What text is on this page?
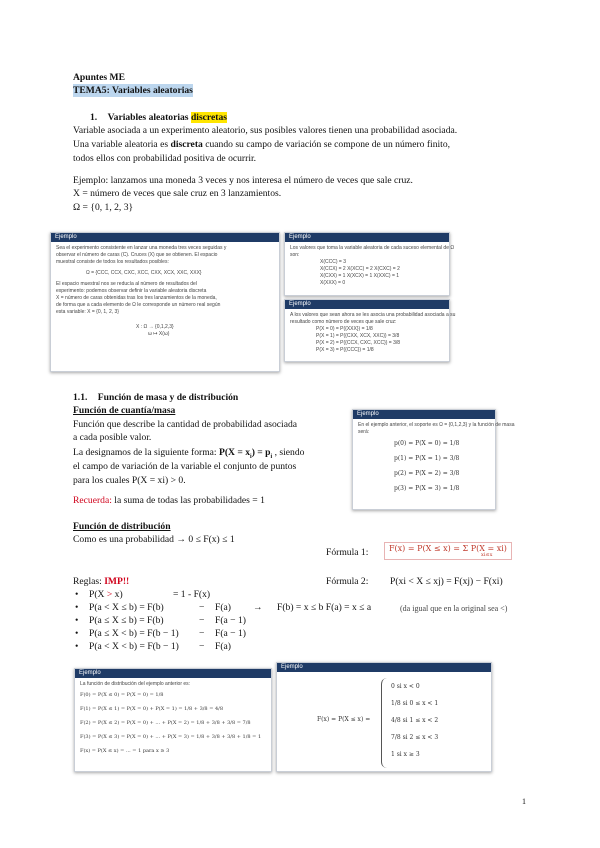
Apuntes ME
TEMA5: Variables aleatorias
1. Variables aleatorias discretas
Variable asociada a un experimento aleatorio, sus posibles valores tienen una probabilidad asociada.
Una variable aleatoria es discreta cuando su campo de variación se compone de un número finito,
todos ellos con probabilidad positiva de ocurrir.
Ejemplo: lanzamos una moneda 3 veces y nos interesa el número de veces que sale cruz.
X = número de veces que sale cruz en 3 lanzamientos.
Ω = {0, 1, 2, 3}
Ejemplo
Sea el experimento consistente en lanzar una moneda tres veces seguidas y
observar el número de caras (C). Cruces (X) que se obtienen. El espacio
muestral consiste de todos los resultados posibles:
Ω = {CCC, CCX, CXC, XCC, CXX, XCX, XXC, XXX}
El espacio muestral nos se reducía al número de resultados del
experimento: podemos observar definir la variable aleatoria discreta
X = número de caras obtenidas tras los tres lanzamientos de la moneda,
de forma que a cada elemento de Ω le corresponde un número real según
esta variable: X = {0, 1, 2, 3}
X : Ω → {0,1,2,3}
ω ↦ X(ω)
Ejemplo
Los valores que toma la variable aleatoria de cada suceso elemental de Ω
son:
X(CCC) = 3
X(CCX) = 2 X(XCC) = 2 X(CXC) = 2
X(CXX) = 1 X(XCX) = 1 X(XXC) = 1
X(XXX) = 0
Ejemplo
A los valores que sean ahora se les asocia una probabilidad asociada a su
resultado como número de veces que sale cruz:
P(X = 0) = P({XXX}) = 1/8
P(X = 1) = P({CXX, XCX, XXC}) = 3/8
P(X = 2) = P({CCX, CXC, XCC}) = 3/8
P(X = 3) = P({CCC}) = 1/8
1.1. Función de masa y de distribución
Función de cuantía/masa
Función que describe la cantidad de probabilidad asociada
a cada posible valor.
La designamos de la siguiente forma: $P(X = x_i) = p_i$ , siendo
el campo de variación de la variable el conjunto de puntos
para los cuales P(X = xi) > 0.
Recuerda: la suma de todas las probabilidades = 1
Ejemplo
En el ejemplo anterior, el soporte es Ω = {0,1,2,3} y la función de masa
será:
p(0) = P(X = 0) = 1/8
p(1) = P(X = 1) = 3/8
p(2) = P(X = 2) = 3/8
p(3) = P(X = 3) = 1/8
Función de distribución
Como es una probabilidad → 0 ≤ F(x) ≤ 1
Fórmula 1:	F(x) = P(X ≤ x) = Σ P(X = xi)
xi≤x
Reglas: IMP!!	Fórmula 2: P(xi < X ≤ xj) = F(xj) − F(xi)
• P(X > x)	= 1 - F(x)
• P(a < X ≤ b) = F(b)	− F(a) → F(b) = x ≤ b F(a) = x ≤ a	(da igual que en la original sea <)
• P(a ≤ X ≤ b) = F(b)	− F(a − 1)
• P(a ≤ X < b) = F(b − 1) − F(a − 1)
• P(a < X < b) = F(b − 1) − F(a)
Ejemplo
La función de distribución del ejemplo anterior es:
F(0) = P(X ≤ 0) = P(X = 0) = 1/8
F(1) = P(X ≤ 1) = P(X = 0) + P(X = 1) = 1/8 + 3/8 = 4/8
F(2) = P(X ≤ 2) = P(X = 0) + ... + P(X = 2) = 1/8 + 3/8 + 3/8 = 7/8
F(3) = P(X ≤ 3) = P(X = 0) + ... + P(X = 3) = 1/8 + 3/8 + 3/8 + 1/8 = 1
F(x) = P(X ≤ x) = ... = 1 para x ≥ 3
Ejemplo
F(x) = P(X ≤ x) =
0 si x < 0
1/8 si 0 ≤ x < 1
4/8 si 1 ≤ x < 2
7/8 si 2 ≤ x < 3
1 si x ≥ 3
1
